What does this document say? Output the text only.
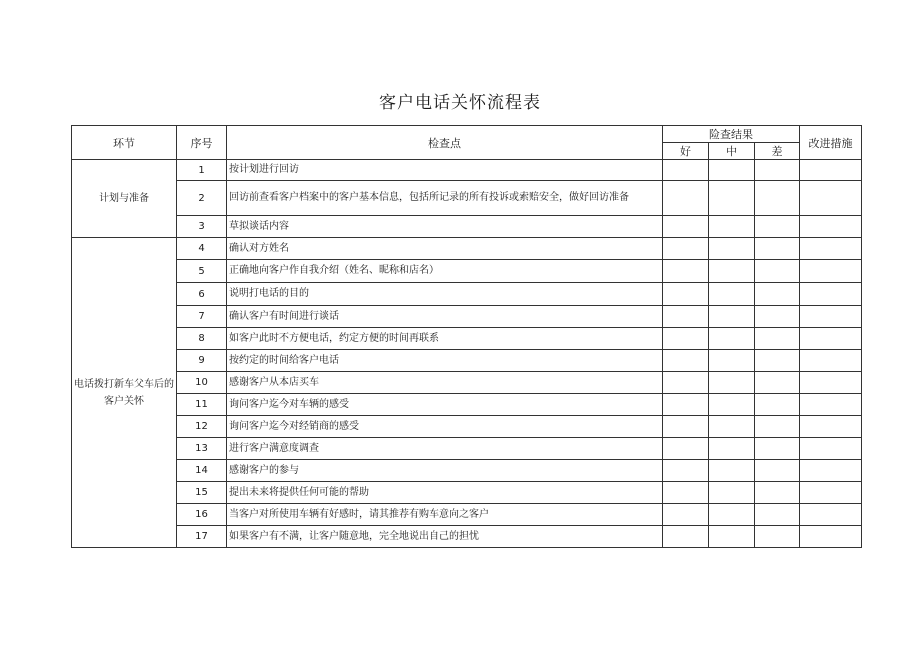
客户电话关怀流程表
环节	序号	检查点	险查结果			改进措施
			好	中	差	
计划与准备	1	按计划进行回访				
	2	回访前查看客户档案中的客户基本信息，包括所记录的所有投诉或索赔安全，做好回访准备				
	3	草拟谈话内容				
电话拨打新车父车后的客户关怀	4	确认对方姓名				
	5	正确地向客户作自我介绍（姓名、昵称和店名）				
	6	说明打电话的目的				
	7	确认客户有时间进行谈话				
	8	如客户此时不方便电话，约定方便的时间再联系				
	9	按约定的时间给客户电话				
	10	感谢客户从本店买车				
	11	询问客户迄今对车辆的感受				
	12	询问客户迄今对经销商的感受				
	13	进行客户满意度调查				
	14	感谢客户的参与				
	15	提出未来将提供任何可能的帮助				
	16	当客户对所使用车辆有好感时，请其推荐有购车意向之客户				
	17	如果客户有不满，让客户随意地，完全地说出自己的担忧				
